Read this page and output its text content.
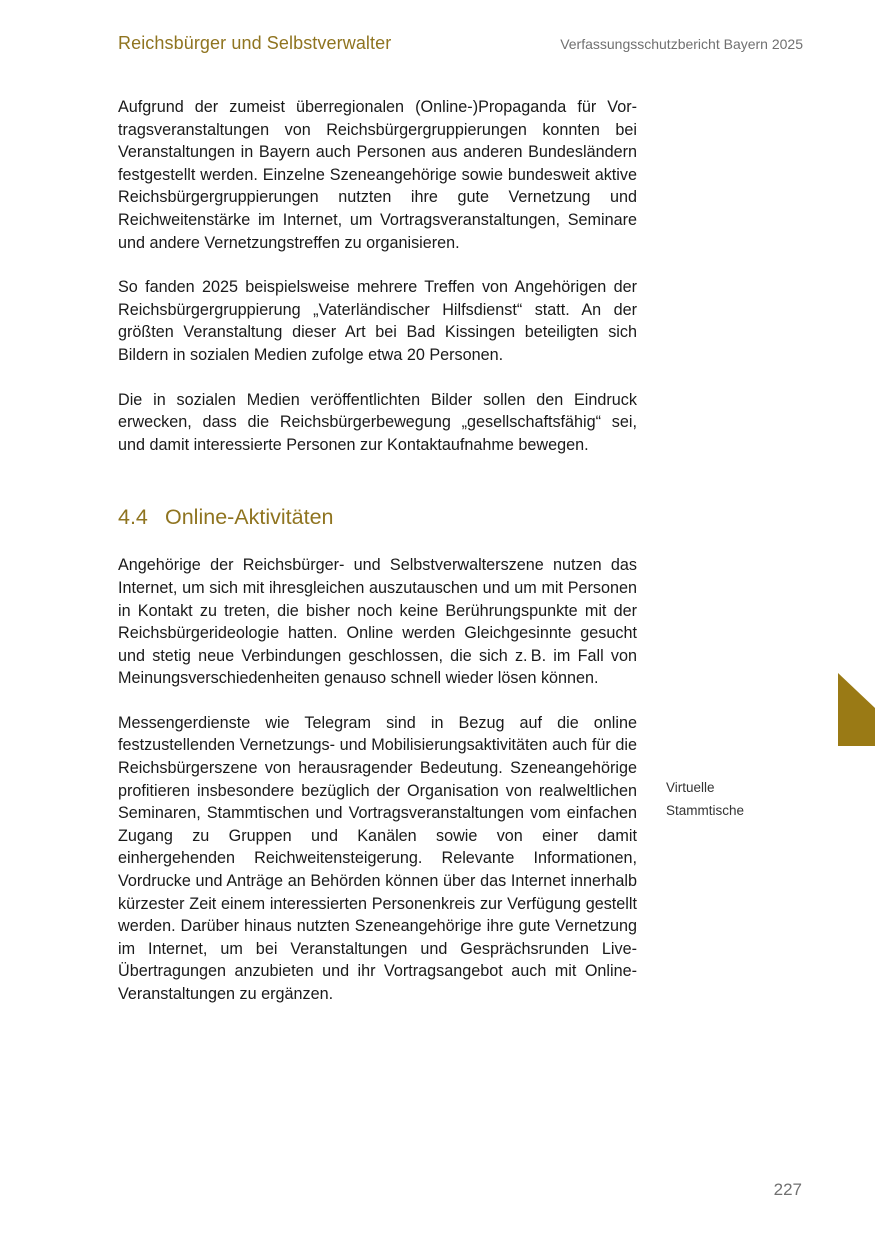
Reichsbürger und Selbstverwalter	Verfassungsschutzbericht Bayern 2025

Aufgrund der zumeist überregionalen (Online-)Propaganda für Vortragsveranstaltungen von Reichsbürgergruppierungen konnten bei Veranstaltungen in Bayern auch Personen aus anderen Bundesländern festgestellt werden. Einzelne Szeneangehörige sowie bundesweit aktive Reichsbürgergruppierungen nutzten ihre gute Vernetzung und Reichweitenstärke im Internet, um Vortragsveranstaltungen, Seminare und andere Vernetzungstreffen zu organisieren.

So fanden 2025 beispielsweise mehrere Treffen von Angehörigen der Reichsbürgergruppierung „Vaterländischer Hilfsdienst“ statt. An der größten Veranstaltung dieser Art bei Bad Kissingen beteiligten sich Bildern in sozialen Medien zufolge etwa 20 Personen.

Die in sozialen Medien veröffentlichten Bilder sollen den Eindruck erwecken, dass die Reichsbürgerbewegung „gesellschaftsfähig“ sei, und damit interessierte Personen zur Kontaktaufnahme bewegen.

4.4 Online-Aktivitäten

Angehörige der Reichsbürger- und Selbstverwalterszene nutzen das Internet, um sich mit ihresgleichen auszutauschen und um mit Personen in Kontakt zu treten, die bisher noch keine Berührungspunkte mit der Reichsbürgerideologie hatten. Online werden Gleichgesinnte gesucht und stetig neue Verbindungen geschlossen, die sich z. B. im Fall von Meinungsverschiedenheiten genauso schnell wieder lösen können.

Messengerdienste wie Telegram sind in Bezug auf die online festzustellenden Vernetzungs- und Mobilisierungsaktivitäten auch für die Reichsbürgerszene von herausragender Bedeutung. Szeneangehörige profitieren insbesondere bezüglich der Organisation von realweltlichen Seminaren, Stammtischen und Vortragsveranstaltungen vom einfachen Zugang zu Gruppen und Kanälen sowie von einer damit einhergehenden Reichweitensteigerung. Relevante Informationen, Vordrucke und Anträge an Behörden können über das Internet innerhalb kürzester Zeit einem interessierten Personenkreis zur Verfügung gestellt werden. Darüber hinaus nutzten Szeneangehörige ihre gute Vernetzung im Internet, um bei Veranstaltungen und Gesprächsrunden Live-Übertragungen anzubieten und ihr Vortragsangebot auch mit Online-Veranstaltungen zu ergänzen.

Virtuelle
Stammtische
227
